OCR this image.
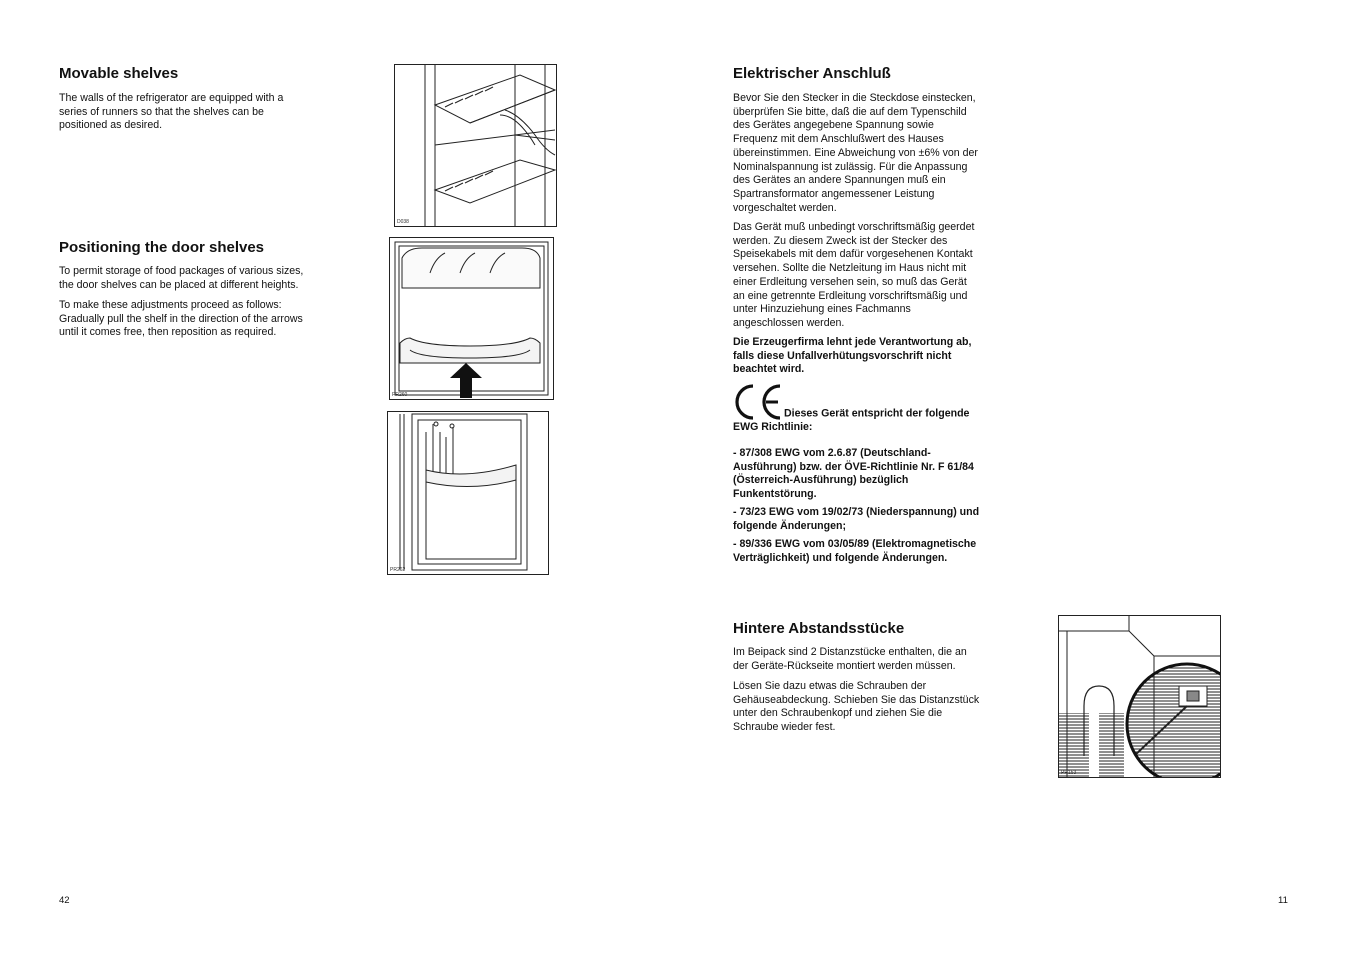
Movable shelves
The walls of the refrigerator are equipped with a
series of runners so that the shelves can be
positioned as desired.
D038
Positioning the door shelves
To permit storage of food packages of various sizes,
the door shelves can be placed at different heights.
To make these adjustments proceed as follows:
Gradually pull the shelf in the direction of the arrows
until it comes free, then reposition as required.
PR260
PR262
42
Elektrischer Anschluß
Bevor Sie den Stecker in die Steckdose einstecken,
überprüfen Sie bitte, daß die auf dem Typenschild
des Gerätes angegebene Spannung sowie
Frequenz mit dem Anschlußwert des Hauses
übereinstimmen. Eine Abweichung von ±6% von der
Nominalspannung ist zulässig. Für die Anpassung
des Gerätes an andere Spannungen muß ein
Spartransformator angemessener Leistung
vorgeschaltet werden.
Das Gerät muß unbedingt vorschriftsmäßig geerdet
werden. Zu diesem Zweck ist der Stecker des
Speisekabels mit dem dafür vorgesehenen Kontakt
versehen. Sollte die Netzleitung im Haus nicht mit
einer Erdleitung versehen sein, so muß das Gerät
an eine getrennte Erdleitung vorschriftsmäßig und
unter Hinzuziehung eines Fachmanns
angeschlossen werden.
Die Erzeugerfirma lehnt jede Verantwortung ab,
falls diese Unfallverhütungsvorschrift nicht
beachtet wird.
Dieses Gerät entspricht der folgende
EWG Richtlinie:
- 87/308 EWG vom 2.6.87 (Deutschland-
Ausführung) bzw. der ÖVE-Richtlinie Nr. F 61/84
(Österreich-Ausführung) bezüglich
Funkentstörung.
- 73/23 EWG vom 19/02/73 (Niederspannung) und
folgende Änderungen;
- 89/336 EWG vom 03/05/89 (Elektromagnetische
Verträglichkeit) und folgende Änderungen.
Hintere Abstandsstücke
Im Beipack sind 2 Distanzstücke enthalten, die an
der Geräte-Rückseite montiert werden müssen.
Lösen Sie dazu etwas die Schrauben der
Gehäuseabdeckung. Schieben Sie das Distanzstück
unter den Schraubenkopf und ziehen Sie die
Schraube wieder fest.
PR153
11
